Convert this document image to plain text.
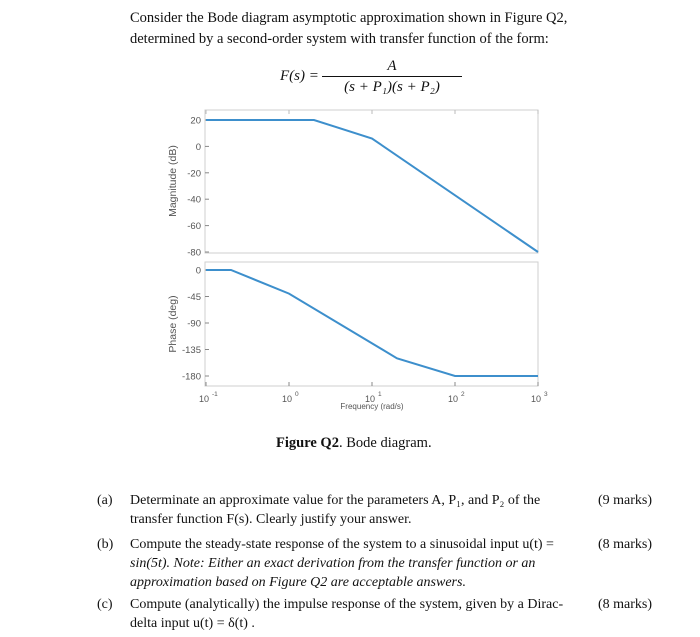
Consider the Bode diagram asymptotic approximation shown in Figure Q2,
determined by a second-order system with transfer function of the form:
F(s) =
A
(s + P₁)(s + P₂)
20
0
-20
-40
-60
-80
Magnitude (dB)
0
-45
-90
-135
-180
Phase (deg)
10 -1	10 0	10 1	10 2	10 3
Frequency (rad/s)
Figure Q2. Bode diagram.
(a) Determinate an approximate value for the parameters A, P₁, and P₂ of the
transfer function F(s). Clearly justify your answer.
(9 marks)
(b) Compute the steady-state response of the system to a sinusoidal input u(t) =
sin(5t). Note: Either an exact derivation from the transfer function or an
approximation based on Figure Q2 are acceptable answers.
(8 marks)
(c) Compute (analytically) the impulse response of the system, given by a Dirac-
delta input u(t) = δ(t) .
(8 marks)
